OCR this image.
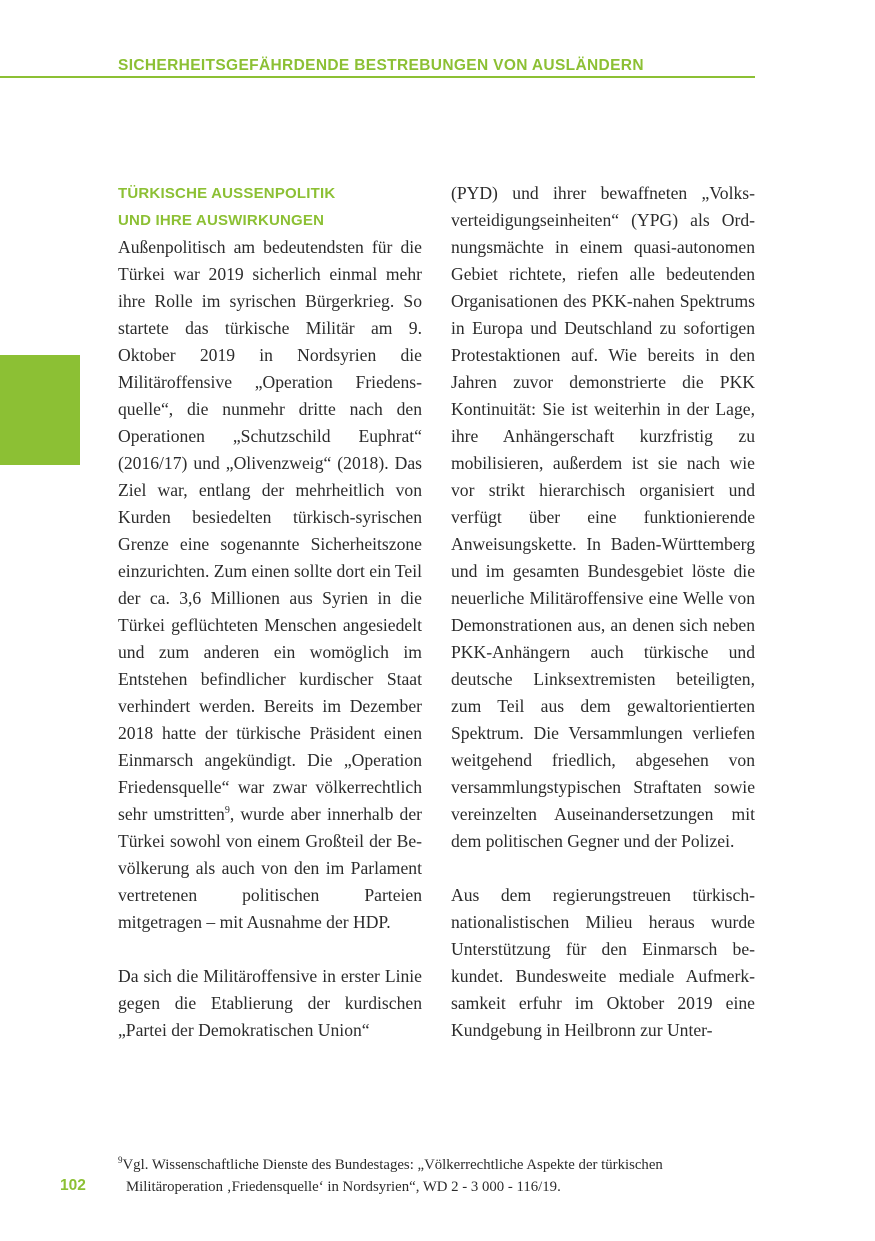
SICHERHEITSGEFÄHRDENDE BESTREBUNGEN VON AUSLÄNDERN
TÜRKISCHE AUSSENPOLITIK
UND IHRE AUSWIRKUNGEN

Außenpolitisch am bedeutendsten für die Türkei war 2019 sicherlich einmal mehr ihre Rolle im syrischen Bürgerkrieg. So startete das türkische Militär am 9. Oktober 2019 in Nordsyrien die Militäroffensive „Operation Friedensquelle“, die nunmehr dritte nach den Operationen „Schutzschild Euphrat“ (2016/17) und „Olivenzweig“ (2018). Das Ziel war, entlang der mehrheitlich von Kurden besiedelten türkisch-syrischen Grenze eine sogenannte Sicherheitszone einzurichten. Zum einen sollte dort ein Teil der ca. 3,6 Millionen aus Syrien in die Türkei geflüchteten Menschen angesiedelt und zum anderen ein womöglich im Entstehen befindlicher kurdischer Staat verhindert werden. Bereits im Dezember 2018 hatte der türkische Präsident einen Einmarsch angekündigt. Die „Operation Friedensquelle“ war zwar völkerrechtlich sehr umstritten$^9$, wurde aber innerhalb der Türkei sowohl von einem Großteil der Bevölkerung als auch von den im Parlament vertretenen politischen Parteien mitgetragen – mit Ausnahme der HDP.

Da sich die Militäroffensive in erster Linie gegen die Etablierung der kurdischen „Partei der Demokratischen Union“

(PYD) und ihrer bewaffneten „Volksverteidigungseinheiten“ (YPG) als Ordnungsmächte in einem quasi-autonomen Gebiet richtete, riefen alle bedeutenden Organisationen des PKK-nahen Spektrums in Europa und Deutschland zu sofortigen Protestaktionen auf. Wie bereits in den Jahren zuvor demonstrierte die PKK Kontinuität: Sie ist weiterhin in der Lage, ihre Anhängerschaft kurzfristig zu mobilisieren, außerdem ist sie nach wie vor strikt hierarchisch organisiert und verfügt über eine funktionierende Anweisungskette. In Baden-Württemberg und im gesamten Bundesgebiet löste die neuerliche Militäroffensive eine Welle von Demonstrationen aus, an denen sich neben PKK-Anhängern auch türkische und deutsche Linksextremisten beteiligten, zum Teil aus dem gewaltorientierten Spektrum. Die Versammlungen verliefen weitgehend friedlich, abgesehen von versammlungstypischen Straftaten sowie vereinzelten Auseinandersetzungen mit dem politischen Gegner und der Polizei.

Aus dem regierungstreuen türkisch-nationalistischen Milieu heraus wurde Unterstützung für den Einmarsch bekundet. Bundesweite mediale Aufmerksamkeit erfuhr im Oktober 2019 eine Kundgebung in Heilbronn zur Unter-

$^9$Vgl. Wissenschaftliche Dienste des Bundestages: „Völkerrechtliche Aspekte der türkischen
Militäroperation ‚Friedensquelle‘ in Nordsyrien“, WD 2 - 3 000 - 116/19.
102
